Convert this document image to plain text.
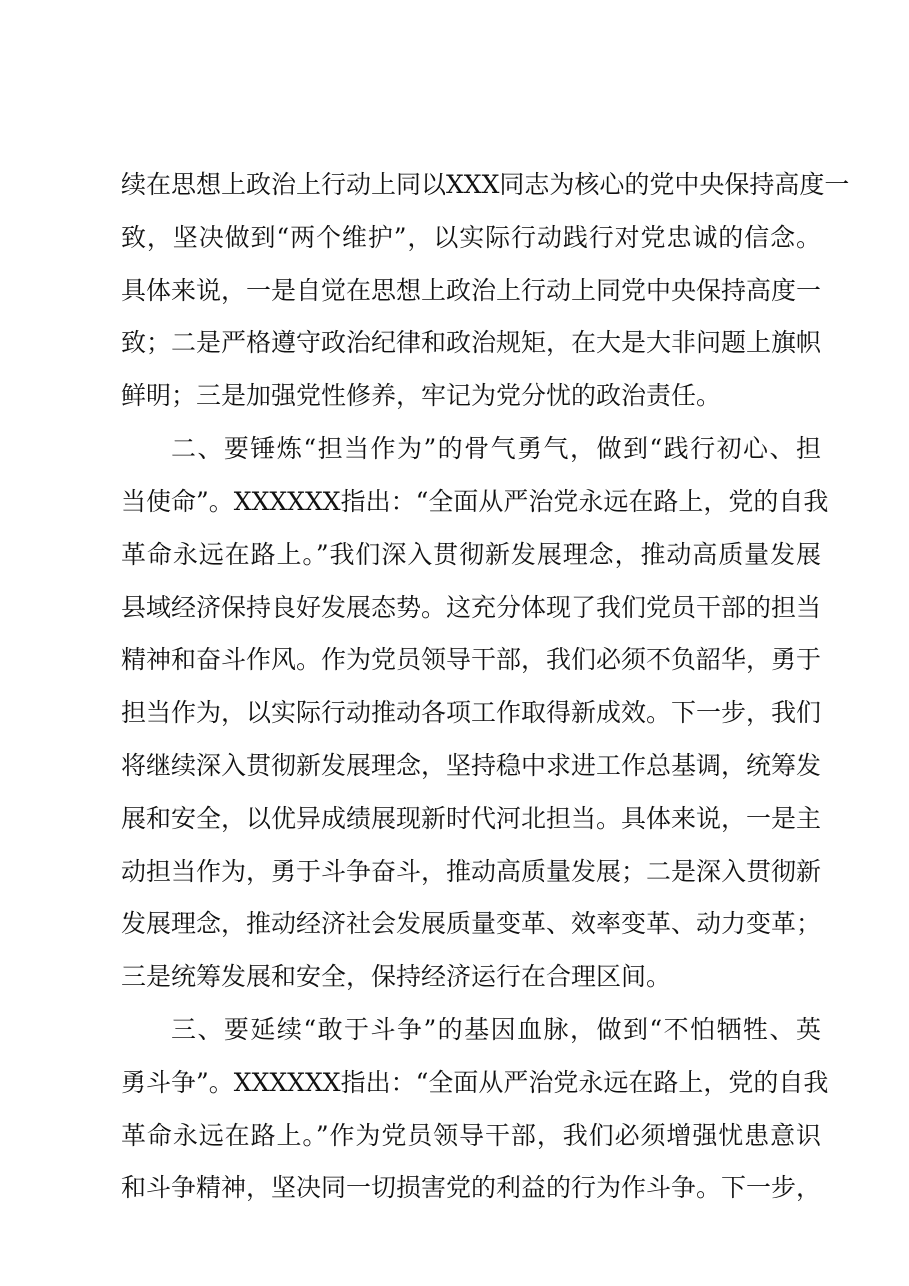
续在思想上政治上行动上同以XXX同志为核心的党中央保持高度一
致，坚决做到“两个维护”，以实际行动践行对党忠诚的信念。
具体来说，一是自觉在思想上政治上行动上同党中央保持高度一
致；二是严格遵守政治纪律和政治规矩，在大是大非问题上旗帜
鲜明；三是加强党性修养，牢记为党分忧的政治责任。
二、要锤炼“担当作为”的骨气勇气，做到“践行初心、担
当使命”。XXXXXX指出：“全面从严治党永远在路上，党的自我
革命永远在路上。”我们深入贯彻新发展理念，推动高质量发展
县域经济保持良好发展态势。这充分体现了我们党员干部的担当
精神和奋斗作风。作为党员领导干部，我们必须不负韶华，勇于
担当作为，以实际行动推动各项工作取得新成效。下一步，我们
将继续深入贯彻新发展理念，坚持稳中求进工作总基调，统筹发
展和安全，以优异成绩展现新时代河北担当。具体来说，一是主
动担当作为，勇于斗争奋斗，推动高质量发展；二是深入贯彻新
发展理念，推动经济社会发展质量变革、效率变革、动力变革；
三是统筹发展和安全，保持经济运行在合理区间。
三、要延续“敢于斗争”的基因血脉，做到“不怕牺牲、英
勇斗争”。XXXXXX指出：“全面从严治党永远在路上，党的自我
革命永远在路上。”作为党员领导干部，我们必须增强忧患意识
和斗争精神，坚决同一切损害党的利益的行为作斗争。下一步，
